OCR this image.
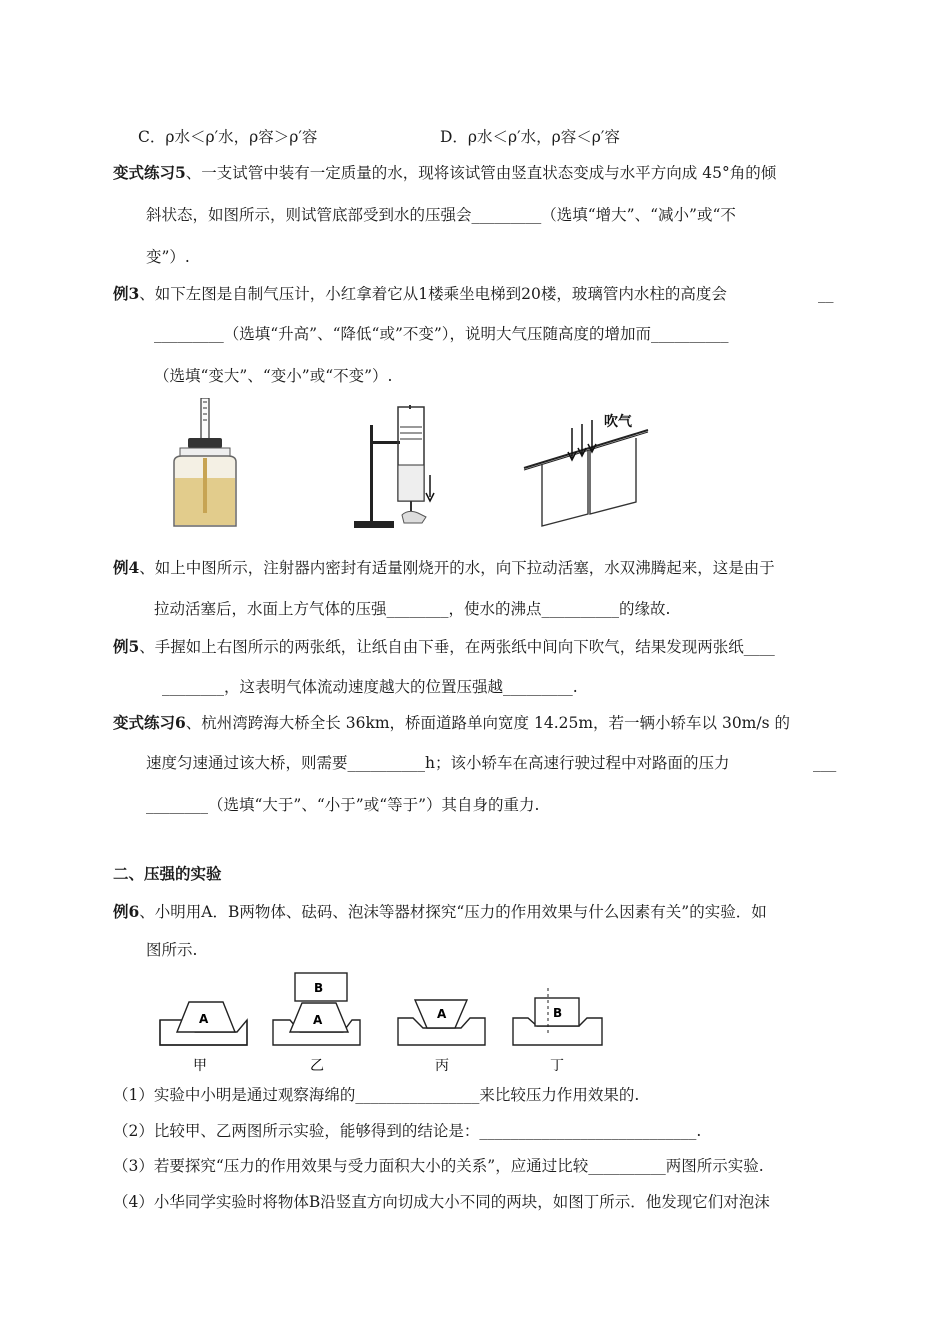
C．ρ水＜ρ′水，ρ容＞ρ′容	D．ρ水＜ρ′水，ρ容＜ρ′容
变式练习5、一支试管中装有一定质量的水，现将该试管由竖直状态变成与水平方向成 45°角的倾
斜状态，如图所示，则试管底部受到水的压强会_________（选填“增大”、“减小”或“不
变”）.
例3、如下左图是自制气压计，小红拿着它从1楼乘坐电梯到20楼，玻璃管内水柱的高度会	__
_________（选填“升高”、“降低“或”不变”），说明大气压随高度的增加而__________
（选填“变大”、“变小”或“不变”）.
吹气
例4、如上中图所示，注射器内密封有适量刚烧开的水，向下拉动活塞，水双沸腾起来，这是由于
拉动活塞后，水面上方气体的压强________，使水的沸点__________的缘故.
例5、手握如上右图所示的两张纸，让纸自由下垂，在两张纸中间向下吹气，结果发现两张纸____
________，这表明气体流动速度越大的位置压强越_________.
变式练习6、杭州湾跨海大桥全长 36km，桥面道路单向宽度 14.25m，若一辆小轿车以 30m/s 的
速度匀速通过该大桥，则需要__________h；该小轿车在高速行驶过程中对路面的压力	___
________（选填“大于”、“小于”或“等于”）其自身的重力.
二、压强的实验
例6、小明用A．B两物体、砝码、泡沫等器材探究“压力的作用效果与什么因素有关”的实验．如
图所示.
A
甲
B
A
乙
A
丙
B
丁
（1）实验中小明是通过观察海绵的________________来比较压力作用效果的.
（2）比较甲、乙两图所示实验，能够得到的结论是：____________________________.
（3）若要探究“压力的作用效果与受力面积大小的关系”，应通过比较__________两图所示实验.
（4）小华同学实验时将物体B沿竖直方向切成大小不同的两块，如图丁所示．他发现它们对泡沫
